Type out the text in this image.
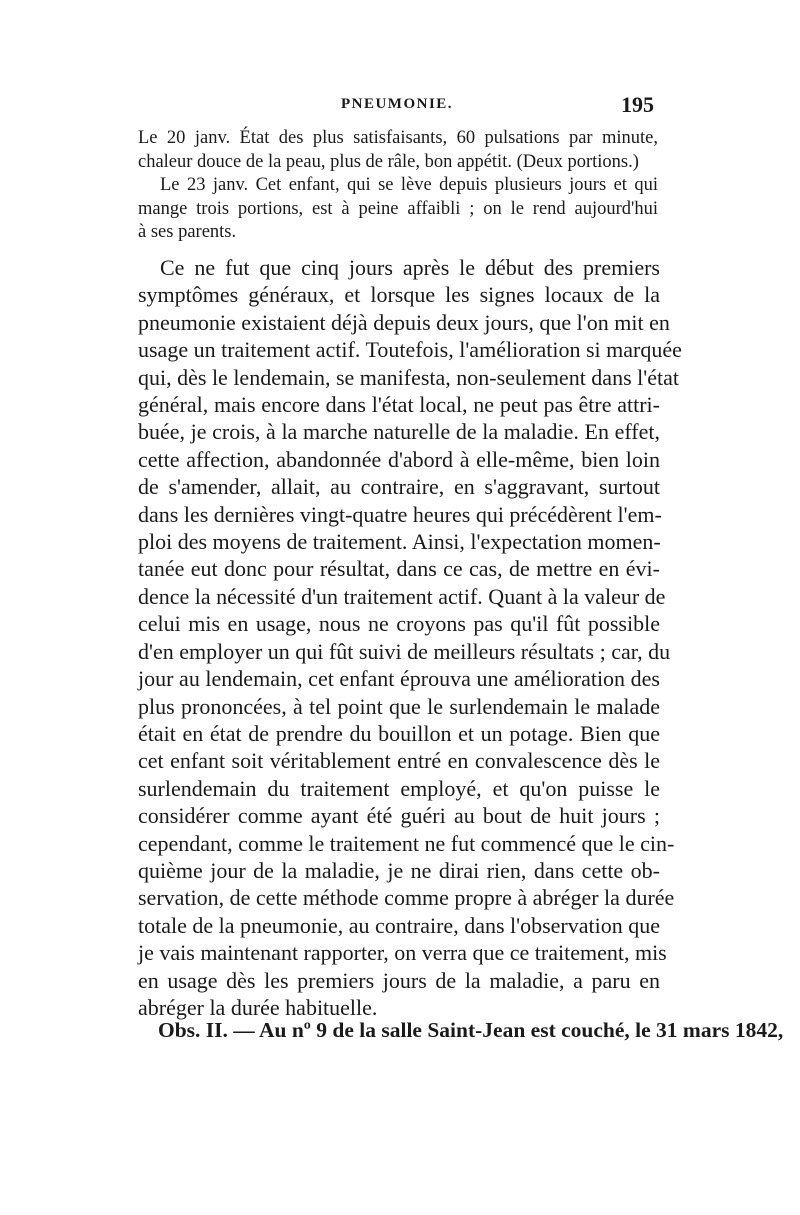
PNEUMONIE.	195
Le 20 janv. État des plus satisfaisants, 60 pulsations par minute,
chaleur douce de la peau, plus de râle, bon appétit. (Deux portions.)
Le 23 janv. Cet enfant, qui se lève depuis plusieurs jours et qui
mange trois portions, est à peine affaibli ; on le rend aujourd'hui
à ses parents.
Ce ne fut que cinq jours après le début des premiers
symptômes généraux, et lorsque les signes locaux de la
pneumonie existaient déjà depuis deux jours, que l'on mit en
usage un traitement actif. Toutefois, l'amélioration si marquée
qui, dès le lendemain, se manifesta, non-seulement dans l'état
général, mais encore dans l'état local, ne peut pas être attri-
buée, je crois, à la marche naturelle de la maladie. En effet,
cette affection, abandonnée d'abord à elle-même, bien loin
de s'amender, allait, au contraire, en s'aggravant, surtout
dans les dernières vingt-quatre heures qui précédèrent l'em-
ploi des moyens de traitement. Ainsi, l'expectation momen-
tanée eut donc pour résultat, dans ce cas, de mettre en évi-
dence la nécessité d'un traitement actif. Quant à la valeur de
celui mis en usage, nous ne croyons pas qu'il fût possible
d'en employer un qui fût suivi de meilleurs résultats ; car, du
jour au lendemain, cet enfant éprouva une amélioration des
plus prononcées, à tel point que le surlendemain le malade
était en état de prendre du bouillon et un potage. Bien que
cet enfant soit véritablement entré en convalescence dès le
surlendemain du traitement employé, et qu'on puisse le
considérer comme ayant été guéri au bout de huit jours ;
cependant, comme le traitement ne fut commencé que le cin-
quième jour de la maladie, je ne dirai rien, dans cette ob-
servation, de cette méthode comme propre à abréger la durée
totale de la pneumonie, au contraire, dans l'observation que
je vais maintenant rapporter, on verra que ce traitement, mis
en usage dès les premiers jours de la maladie, a paru en
abréger la durée habituelle.
Obs. II. — Au nº 9 de la salle Saint-Jean est couché, le 31 mars 1842,
